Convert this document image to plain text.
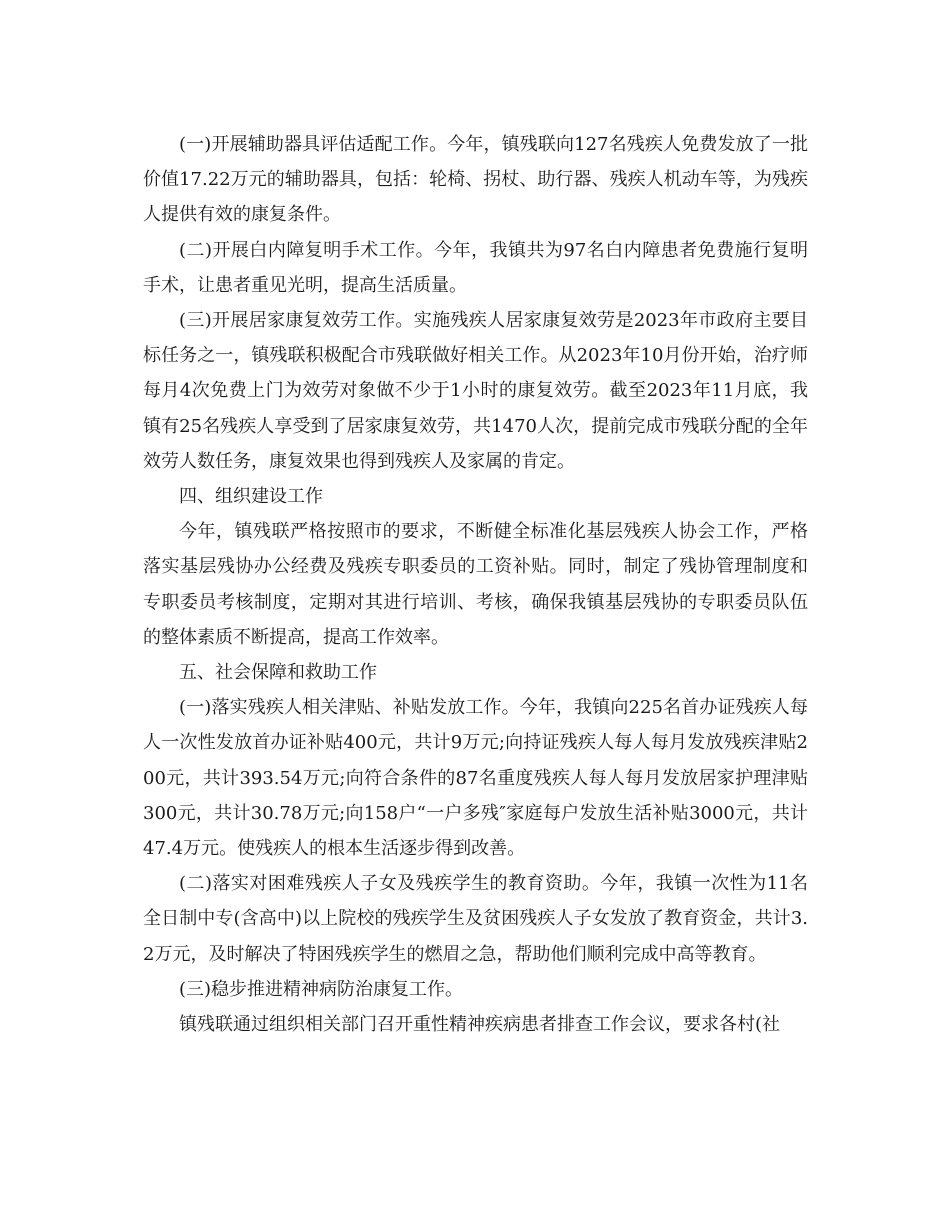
(一)开展辅助器具评估适配工作。今年，镇残联向127名残疾人免费发放了一批价值17.22万元的辅助器具，包括：轮椅、拐杖、助行器、残疾人机动车等，为残疾人提供有效的康复条件。

(二)开展白内障复明手术工作。今年，我镇共为97名白内障患者免费施行复明手术，让患者重见光明，提高生活质量。

(三)开展居家康复效劳工作。实施残疾人居家康复效劳是2023年市政府主要目标任务之一，镇残联积极配合市残联做好相关工作。从2023年10月份开始，治疗师每月4次免费上门为效劳对象做不少于1小时的康复效劳。截至2023年11月底，我镇有25名残疾人享受到了居家康复效劳，共1470人次，提前完成市残联分配的全年效劳人数任务，康复效果也得到残疾人及家属的肯定。

四、组织建设工作

今年，镇残联严格按照市的要求，不断健全标准化基层残疾人协会工作，严格落实基层残协办公经费及残疾专职委员的工资补贴。同时，制定了残协管理制度和专职委员考核制度，定期对其进行培训、考核，确保我镇基层残协的专职委员队伍的整体素质不断提高，提高工作效率。

五、社会保障和救助工作

(一)落实残疾人相关津贴、补贴发放工作。今年，我镇向225名首办证残疾人每人一次性发放首办证补贴400元，共计9万元;向持证残疾人每人每月发放残疾津贴200元，共计393.54万元;向符合条件的87名重度残疾人每人每月发放居家护理津贴300元，共计30.78万元;向158户“一户多残″家庭每户发放生活补贴3000元，共计47.4万元。使残疾人的根本生活逐步得到改善。

(二)落实对困难残疾人子女及残疾学生的教育资助。今年，我镇一次性为11名全日制中专(含高中)以上院校的残疾学生及贫困残疾人子女发放了教育资金，共计3.2万元，及时解决了特困残疾学生的燃眉之急，帮助他们顺利完成中高等教育。

(三)稳步推进精神病防治康复工作。

镇残联通过组织相关部门召开重性精神疾病患者排查工作会议，要求各村(社
